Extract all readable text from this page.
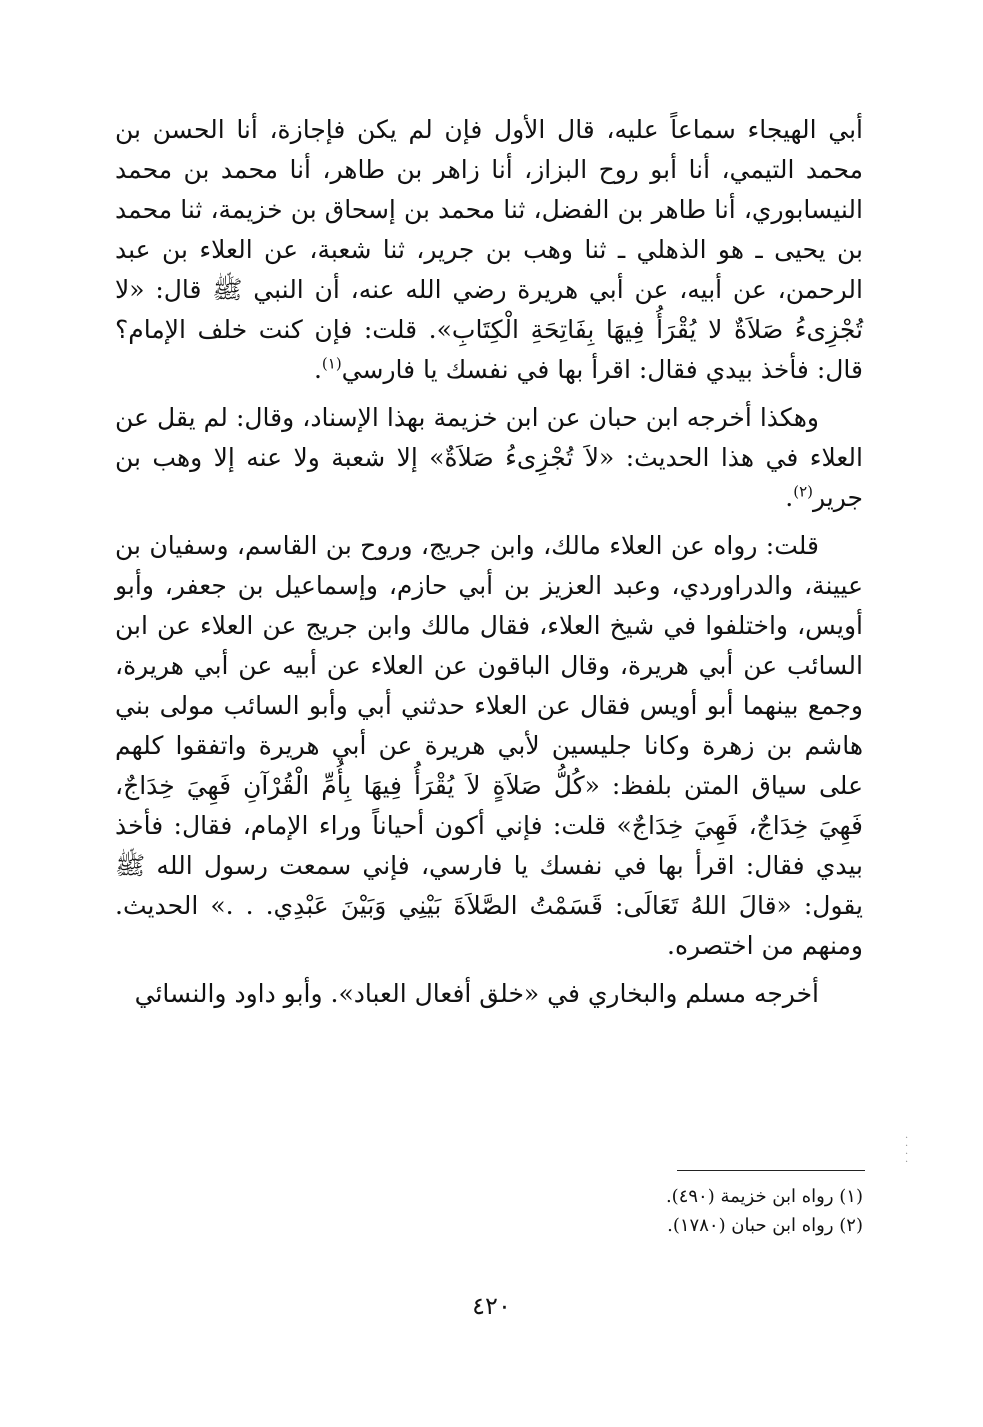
أبي الهيجاء سماعاً عليه، قال الأول فإن لم يكن فإجازة، أنا الحسن بن محمد التيمي، أنا أبو روح البزاز، أنا زاهر بن طاهر، أنا محمد بن محمد النيسابوري، أنا طاهر بن الفضل، ثنا محمد بن إسحاق بن خزيمة، ثنا محمد بن يحيى ـ هو الذهلي ـ ثنا وهب بن جرير، ثنا شعبة، عن العلاء بن عبد الرحمن، عن أبيه، عن أبي هريرة رضي الله عنه، أن النبي ﷺ قال: «لا تُجْزِىءُ صَلاَةٌ لا يُقْرَأُ فِيهَا بِفَاتِحَةِ الْكِتَابِ». قلت: فإن كنت خلف الإمام؟ قال: فأخذ بيدي فقال: اقرأ بها في نفسك يا فارسي$^{(١)}$.

وهكذا أخرجه ابن حبان عن ابن خزيمة بهذا الإسناد، وقال: لم يقل عن العلاء في هذا الحديث: «لاَ تُجْزِىءُ صَلاَةٌ» إلا شعبة ولا عنه إلا وهب بن جرير$^{(٢)}$.

قلت: رواه عن العلاء مالك، وابن جريج، وروح بن القاسم، وسفيان بن عيينة، والدراوردي، وعبد العزيز بن أبي حازم، وإسماعيل بن جعفر، وأبو أويس، واختلفوا في شيخ العلاء، فقال مالك وابن جريج عن العلاء عن ابن السائب عن أبي هريرة، وقال الباقون عن العلاء عن أبيه عن أبي هريرة، وجمع بينهما أبو أويس فقال عن العلاء حدثني أبي وأبو السائب مولى بني هاشم بن زهرة وكانا جليسين لأبي هريرة عن أبي هريرة واتفقوا كلهم على سياق المتن بلفظ: «كُلُّ صَلاَةٍ لاَ يُقْرَأُ فِيهَا بِأُمِّ الْقُرْآنِ فَهِيَ خِدَاجٌ، فَهِيَ خِدَاجٌ، فَهِيَ خِدَاجٌ» قلت: فإني أكون أحياناً وراء الإمام، فقال: فأخذ بيدي فقال: اقرأ بها في نفسك يا فارسي، فإني سمعت رسول الله ﷺ يقول: «قالَ اللهُ تَعَالَى: قَسَمْتُ الصَّلاَةَ بَيْنِي وَبَيْنَ عَبْدِي. . .» الحديث. ومنهم من اختصره.

أخرجه مسلم والبخاري في «خلق أفعال العباد». وأبو داود والنسائي

(١) رواه ابن خزيمة (٤٩٠).

(٢) رواه ابن حبان (١٧٨٠).

٤٢٠
·
·
·
·
